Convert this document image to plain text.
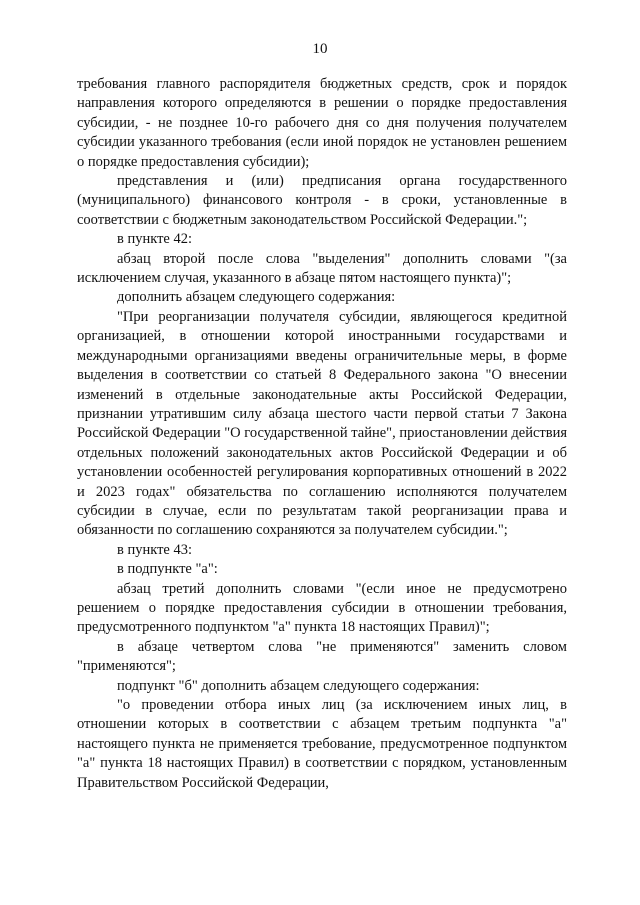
10

требования главного распорядителя бюджетных средств, срок и порядок направления которого определяются в решении о порядке предоставления субсидии, - не позднее 10-го рабочего дня со дня получения получателем субсидии указанного требования (если иной порядок не установлен решением о порядке предоставления субсидии);

представления и (или) предписания органа государственного (муниципального) финансового контроля - в сроки, установленные в соответствии с бюджетным законодательством Российской Федерации.";

в пункте 42:

абзац второй после слова "выделения" дополнить словами "(за исключением случая, указанного в абзаце пятом настоящего пункта)";

дополнить абзацем следующего содержания:

"При реорганизации получателя субсидии, являющегося кредитной организацией, в отношении которой иностранными государствами и международными организациями введены ограничительные меры, в форме выделения в соответствии со статьей 8 Федерального закона "О внесении изменений в отдельные законодательные акты Российской Федерации, признании утратившим силу абзаца шестого части первой статьи 7 Закона Российской Федерации "О государственной тайне", приостановлении действия отдельных положений законодательных актов Российской Федерации и об установлении особенностей регулирования корпоративных отношений в 2022 и 2023 годах" обязательства по соглашению исполняются получателем субсидии в случае, если по результатам такой реорганизации права и обязанности по соглашению сохраняются за получателем субсидии.";

в пункте 43:

в подпункте "а":

абзац третий дополнить словами "(если иное не предусмотрено решением о порядке предоставления субсидии в отношении требования, предусмотренного подпунктом "а" пункта 18 настоящих Правил)";

в абзаце четвертом слова "не применяются" заменить словом "применяются";

подпункт "б" дополнить абзацем следующего содержания:

"о проведении отбора иных лиц (за исключением иных лиц, в отношении которых в соответствии с абзацем третьим подпункта "а" настоящего пункта не применяется требование, предусмотренное подпунктом "а" пункта 18 настоящих Правил) в соответствии с порядком, установленным Правительством Российской Федерации,
